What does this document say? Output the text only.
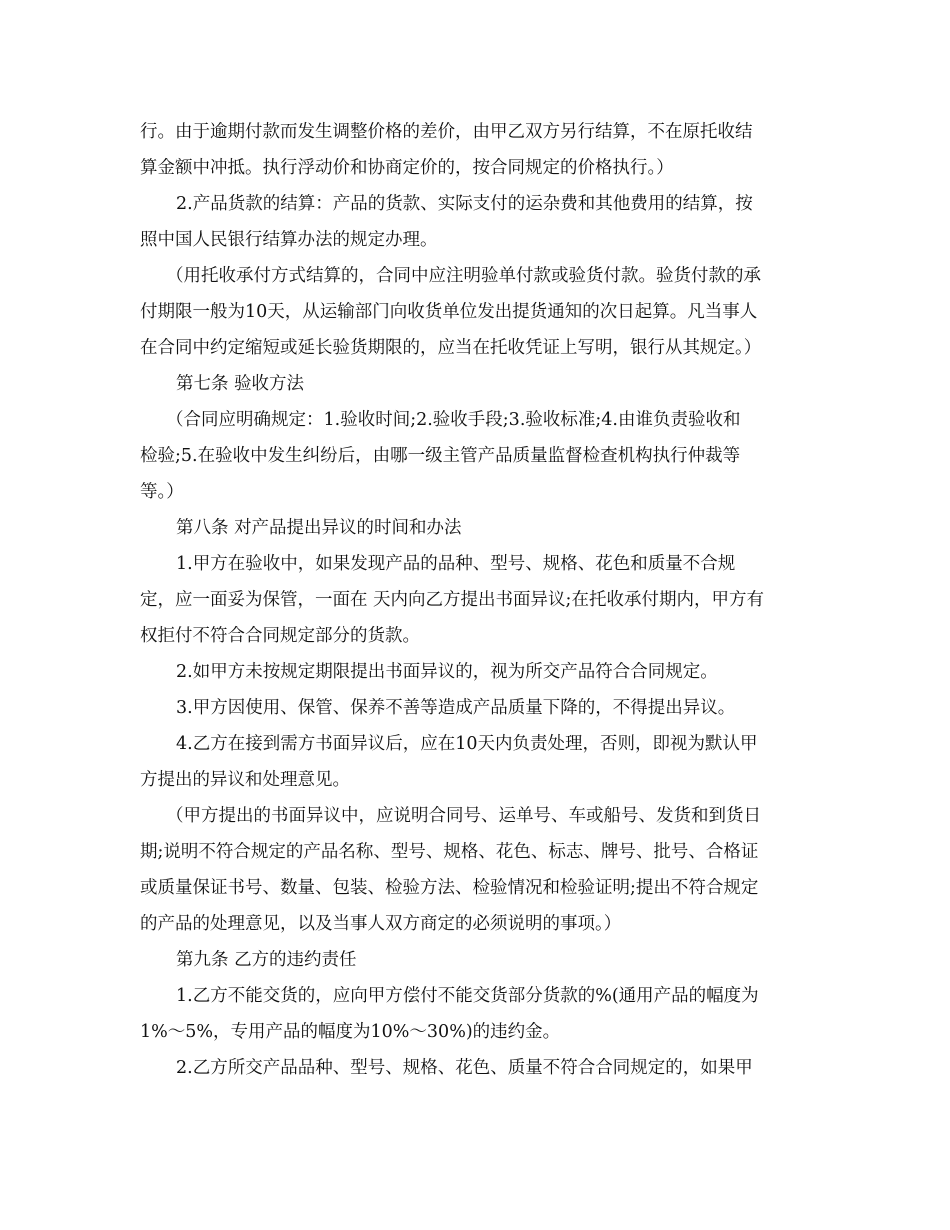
行。由于逾期付款而发生调整价格的差价，由甲乙双方另行结算，不在原托收结
算金额中冲抵。执行浮动价和协商定价的，按合同规定的价格执行。）
2.产品货款的结算：产品的货款、实际支付的运杂费和其他费用的结算，按
照中国人民银行结算办法的规定办理。
（用托收承付方式结算的，合同中应注明验单付款或验货付款。验货付款的承
付期限一般为10天，从运输部门向收货单位发出提货通知的次日起算。凡当事人
在合同中约定缩短或延长验货期限的，应当在托收凭证上写明，银行从其规定。）
第七条 验收方法
（合同应明确规定：1.验收时间;2.验收手段;3.验收标准;4.由谁负责验收和
检验;5.在验收中发生纠纷后，由哪一级主管产品质量监督检查机构执行仲裁等
等。）
第八条 对产品提出异议的时间和办法
1.甲方在验收中，如果发现产品的品种、型号、规格、花色和质量不合规
定，应一面妥为保管，一面在 天内向乙方提出书面异议;在托收承付期内，甲方有
权拒付不符合合同规定部分的货款。
2.如甲方未按规定期限提出书面异议的，视为所交产品符合合同规定。
3.甲方因使用、保管、保养不善等造成产品质量下降的，不得提出异议。
4.乙方在接到需方书面异议后，应在10天内负责处理，否则，即视为默认甲
方提出的异议和处理意见。
（甲方提出的书面异议中，应说明合同号、运单号、车或船号、发货和到货日
期;说明不符合规定的产品名称、型号、规格、花色、标志、牌号、批号、合格证
或质量保证书号、数量、包装、检验方法、检验情况和检验证明;提出不符合规定
的产品的处理意见，以及当事人双方商定的必须说明的事项。）
第九条 乙方的违约责任
1.乙方不能交货的，应向甲方偿付不能交货部分货款的%(通用产品的幅度为
1%～5%，专用产品的幅度为10%～30%)的违约金。
2.乙方所交产品品种、型号、规格、花色、质量不符合合同规定的，如果甲
